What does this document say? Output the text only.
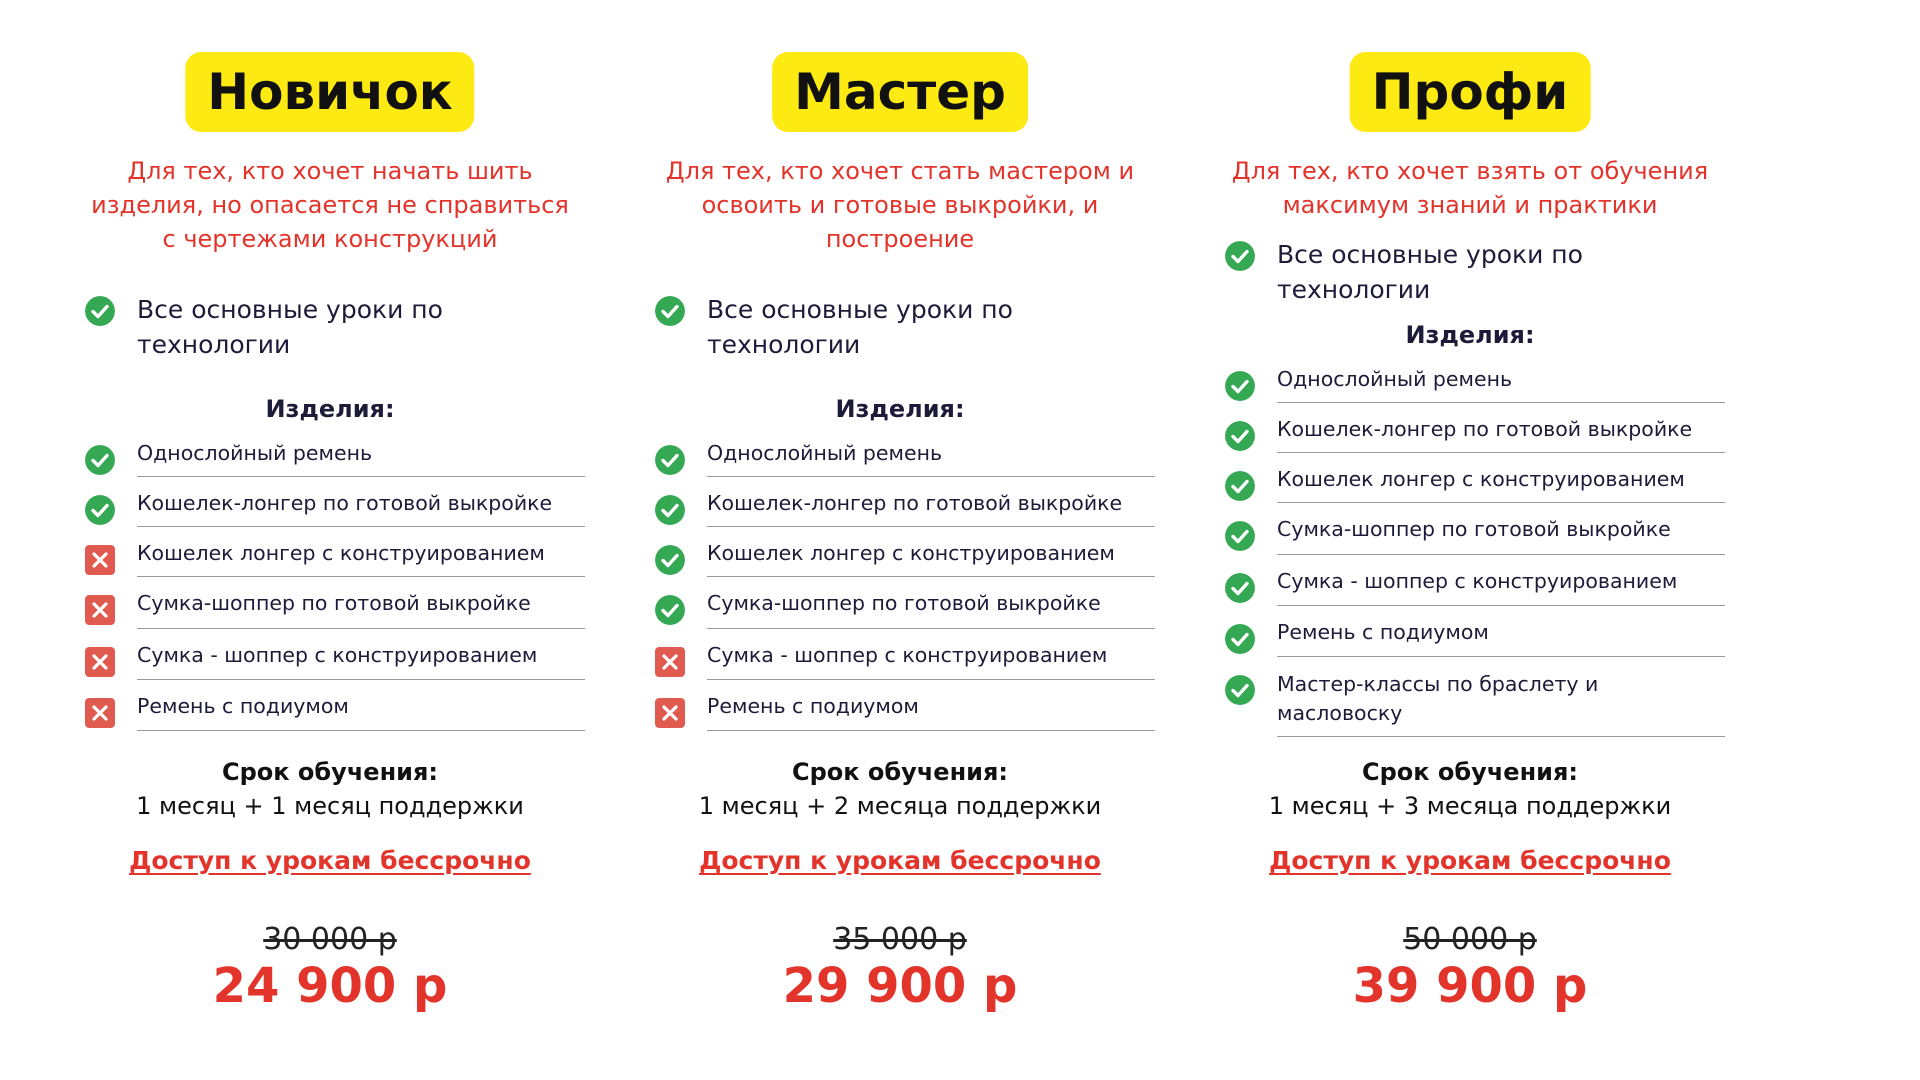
Новичок
Для тех, кто хочет начать шить
изделия, но опасается не справиться
с чертежами конструкций
Все основные уроки по технологии
Изделия:
Однослойный ремень
Кошелек-лонгер по готовой выкройке
Кошелек лонгер с конструированием
Сумка-шоппер по готовой выкройке
Сумка - шоппер с конструированием
Ремень с подиумом
Срок обучения:
1 месяц + 1 месяц поддержки
Доступ к урокам бессрочно
30 000 р
24 900 р
Мастер
Для тех, кто хочет стать мастером и
освоить и готовые выкройки, и
построение
Все основные уроки по технологии
Изделия:
Однослойный ремень
Кошелек-лонгер по готовой выкройке
Кошелек лонгер с конструированием
Сумка-шоппер по готовой выкройке
Сумка - шоппер с конструированием
Ремень с подиумом
Срок обучения:
1 месяц + 2 месяца поддержки
Доступ к урокам бессрочно
35 000 р
29 900 р
Профи
Для тех, кто хочет взять от обучения
максимум знаний и практики
Все основные уроки по технологии
Изделия:
Однослойный ремень
Кошелек-лонгер по готовой выкройке
Кошелек лонгер с конструированием
Сумка-шоппер по готовой выкройке
Сумка - шоппер с конструированием
Ремень с подиумом
Мастер-классы по браслету и
масловоску
Срок обучения:
1 месяц + 3 месяца поддержки
Доступ к урокам бессрочно
50 000 р
39 900 р
